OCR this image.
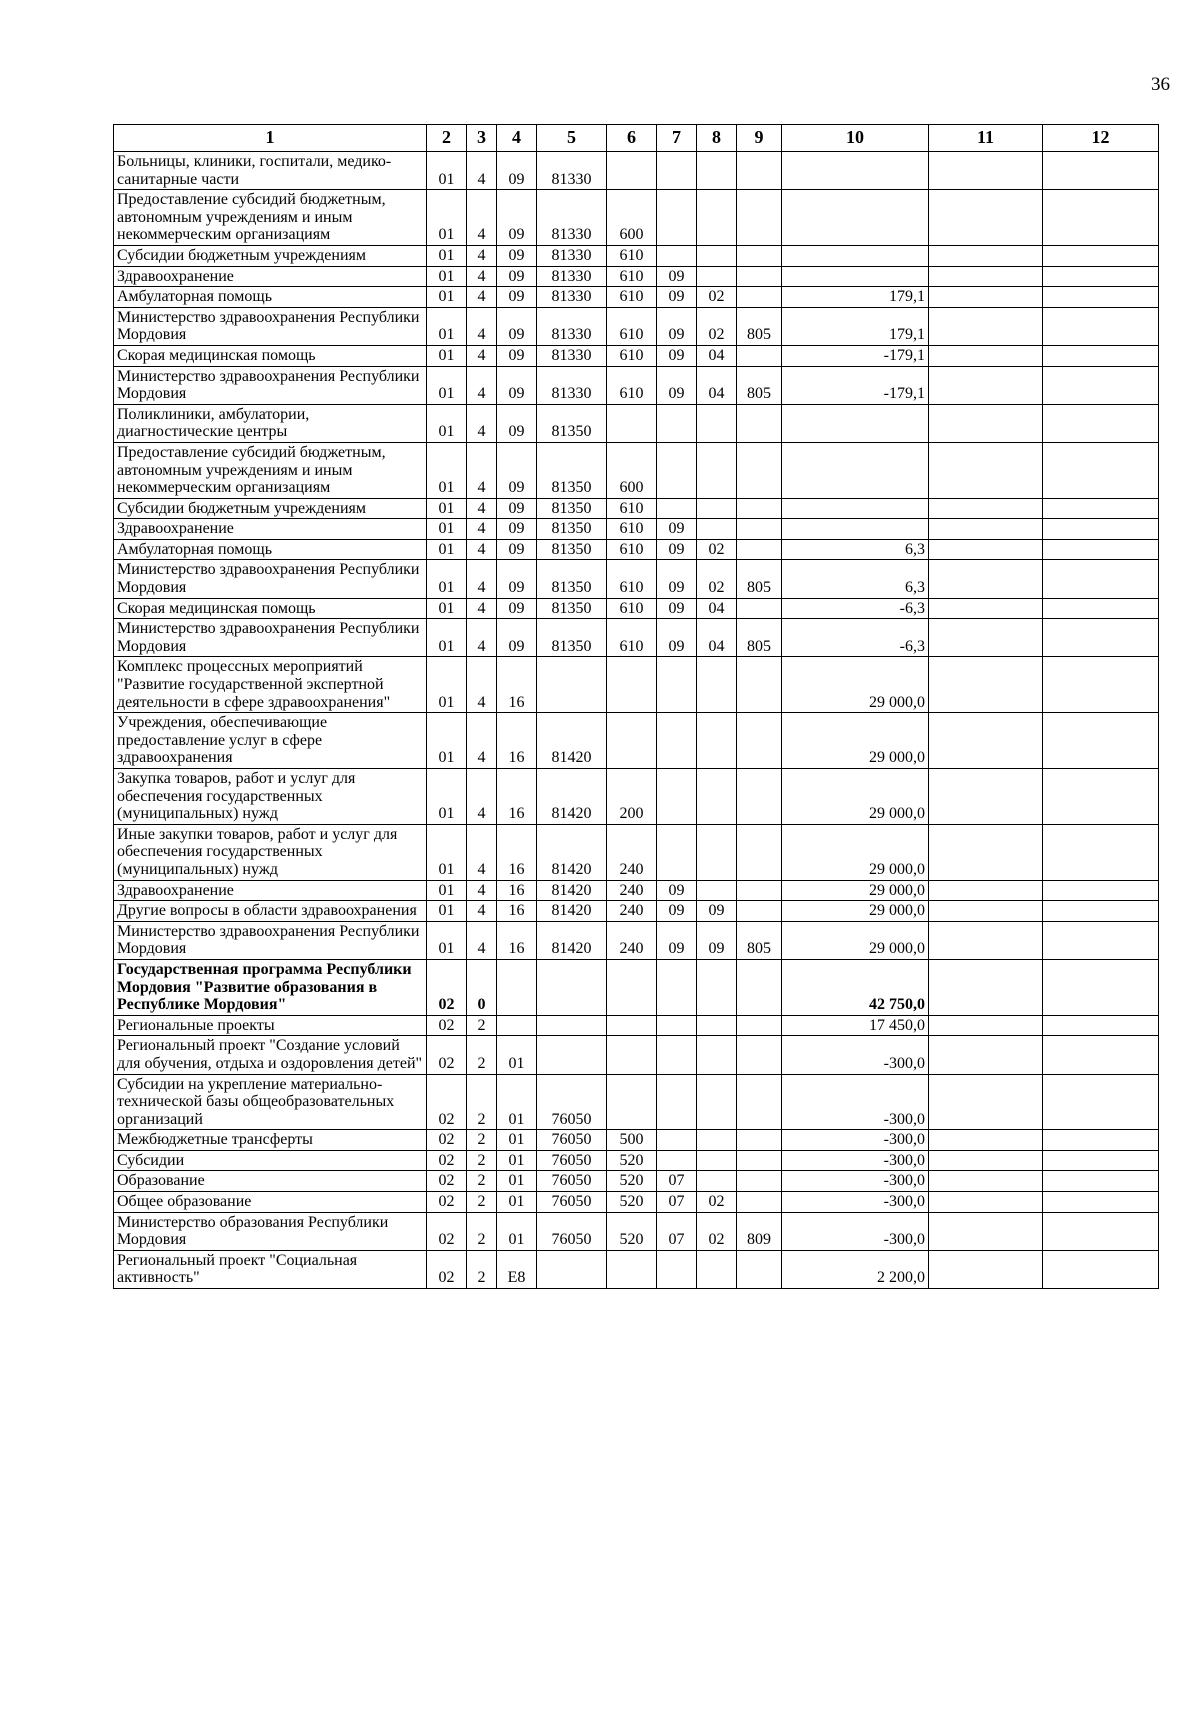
36
1	2	3	4	5	6	7	8	9	10	11	12
Больницы, клиники, госпитали, медико-санитарные части	01	4	09	81330							
Предоставление субсидий бюджетным, автономным учреждениям и иным некоммерческим организациям	01	4	09	81330	600						
Субсидии бюджетным учреждениям	01	4	09	81330	610						
Здравоохранение	01	4	09	81330	610	09					
Амбулаторная помощь	01	4	09	81330	610	09	02		179,1		
Министерство здравоохранения Республики Мордовия	01	4	09	81330	610	09	02	805	179,1		
Скорая медицинская помощь	01	4	09	81330	610	09	04		-179,1		
Министерство здравоохранения Республики Мордовия	01	4	09	81330	610	09	04	805	-179,1		
Поликлиники, амбулатории, диагностические центры	01	4	09	81350							
Предоставление субсидий бюджетным, автономным учреждениям и иным некоммерческим организациям	01	4	09	81350	600						
Субсидии бюджетным учреждениям	01	4	09	81350	610						
Здравоохранение	01	4	09	81350	610	09					
Амбулаторная помощь	01	4	09	81350	610	09	02		6,3		
Министерство здравоохранения Республики Мордовия	01	4	09	81350	610	09	02	805	6,3		
Скорая медицинская помощь	01	4	09	81350	610	09	04		-6,3		
Министерство здравоохранения Республики Мордовия	01	4	09	81350	610	09	04	805	-6,3		
Комплекс процессных мероприятий "Развитие государственной экспертной деятельности в сфере здравоохранения"	01	4	16						29 000,0		
Учреждения, обеспечивающие предоставление услуг в сфере здравоохранения	01	4	16	81420					29 000,0		
Закупка товаров, работ и услуг для обеспечения государственных (муниципальных) нужд	01	4	16	81420	200				29 000,0		
Иные закупки товаров, работ и услуг для обеспечения государственных (муниципальных) нужд	01	4	16	81420	240				29 000,0		
Здравоохранение	01	4	16	81420	240	09			29 000,0		
Другие вопросы в области здравоохранения	01	4	16	81420	240	09	09		29 000,0		
Министерство здравоохранения Республики Мордовия	01	4	16	81420	240	09	09	805	29 000,0		
Государственная программа Республики Мордовия "Развитие образования в Республике Мордовия"	02	0							42 750,0		
Региональные проекты	02	2							17 450,0		
Региональный проект "Создание условий для обучения, отдыха и оздоровления детей"	02	2	01						-300,0		
Субсидии на укрепление материально-технической базы общеобразовательных организаций	02	2	01	76050					-300,0		
Межбюджетные трансферты	02	2	01	76050	500				-300,0		
Субсидии	02	2	01	76050	520				-300,0		
Образование	02	2	01	76050	520	07			-300,0		
Общее образование	02	2	01	76050	520	07	02		-300,0		
Министерство образования Республики Мордовия	02	2	01	76050	520	07	02	809	-300,0		
Региональный проект "Социальная активность"	02	2	E8						2 200,0		
